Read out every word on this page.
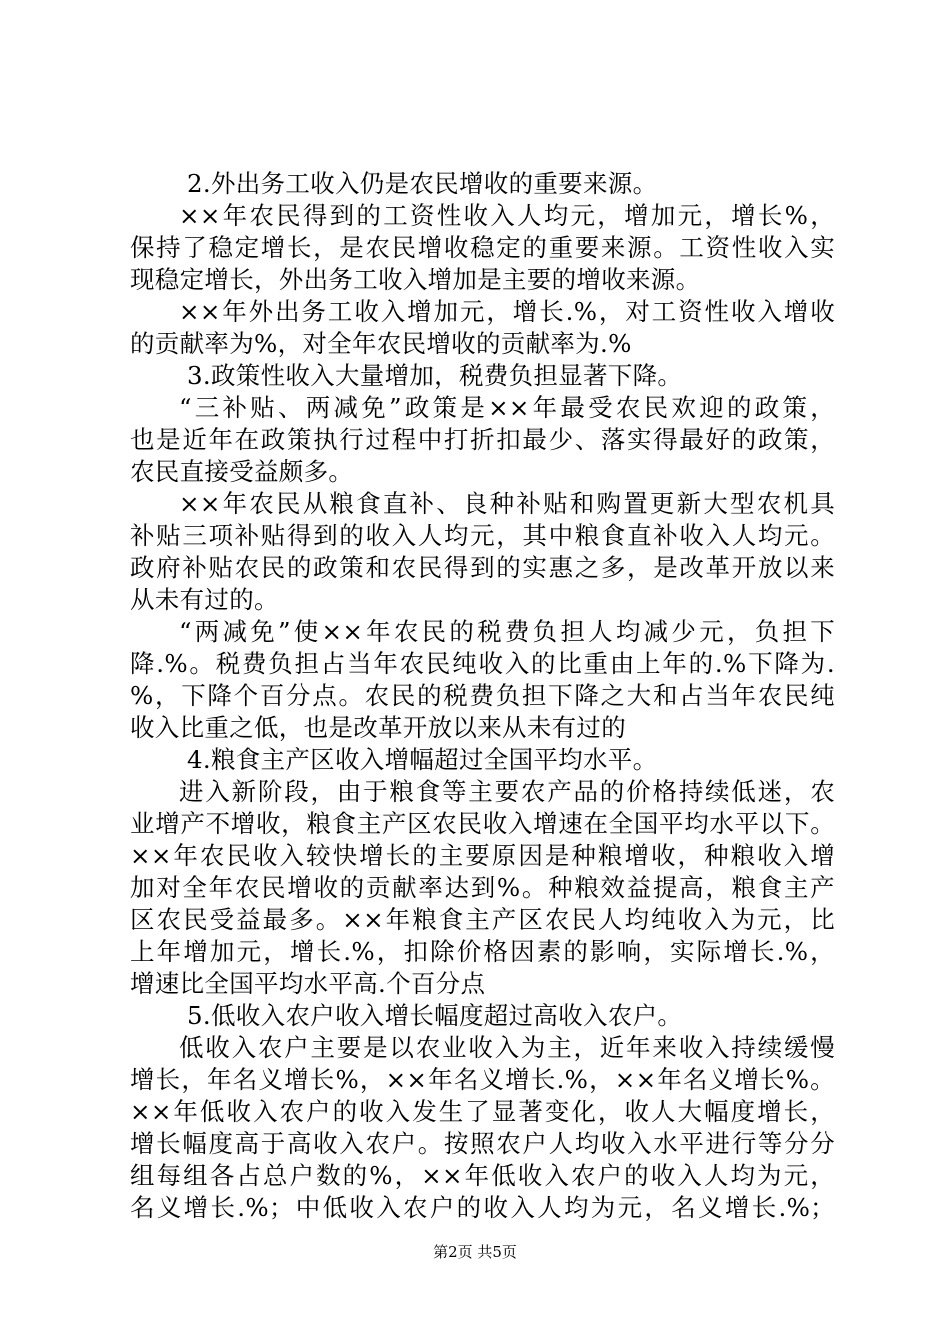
2.外出务工收入仍是农民增收的重要来源。
××年农民得到的工资性收入人均元，增加元，增长%，
保持了稳定增长，是农民增收稳定的重要来源。工资性收入实
现稳定增长，外出务工收入增加是主要的增收来源。
××年外出务工收入增加元，增长.%，对工资性收入增收
的贡献率为%，对全年农民增收的贡献率为.%
3.政策性收入大量增加，税费负担显著下降。
“三补贴、两减免”政策是××年最受农民欢迎的政策，
也是近年在政策执行过程中打折扣最少、落实得最好的政策，
农民直接受益颇多。
××年农民从粮食直补、良种补贴和购置更新大型农机具
补贴三项补贴得到的收入人均元，其中粮食直补收入人均元。
政府补贴农民的政策和农民得到的实惠之多，是改革开放以来
从未有过的。
“两减免”使××年农民的税费负担人均减少元，负担下
降.%。税费负担占当年农民纯收入的比重由上年的.%下降为.
%，下降个百分点。农民的税费负担下降之大和占当年农民纯
收入比重之低，也是改革开放以来从未有过的
4.粮食主产区收入增幅超过全国平均水平。
进入新阶段，由于粮食等主要农产品的价格持续低迷，农
业增产不增收，粮食主产区农民收入增速在全国平均水平以下。
××年农民收入较快增长的主要原因是种粮增收，种粮收入增
加对全年农民增收的贡献率达到%。种粮效益提高，粮食主产
区农民受益最多。××年粮食主产区农民人均纯收入为元，比
上年增加元，增长.%，扣除价格因素的影响，实际增长.%，
增速比全国平均水平高.个百分点
5.低收入农户收入增长幅度超过高收入农户。
低收入农户主要是以农业收入为主，近年来收入持续缓慢
增长，年名义增长%，××年名义增长.%，××年名义增长%。
××年低收入农户的收入发生了显著变化，收人大幅度增长，
增长幅度高于高收入农户。按照农户人均收入水平进行等分分
组每组各占总户数的%，××年低收入农户的收入人均为元，
名义增长.%；中低收入农户的收入人均为元，名义增长.%；
第2页 共5页
